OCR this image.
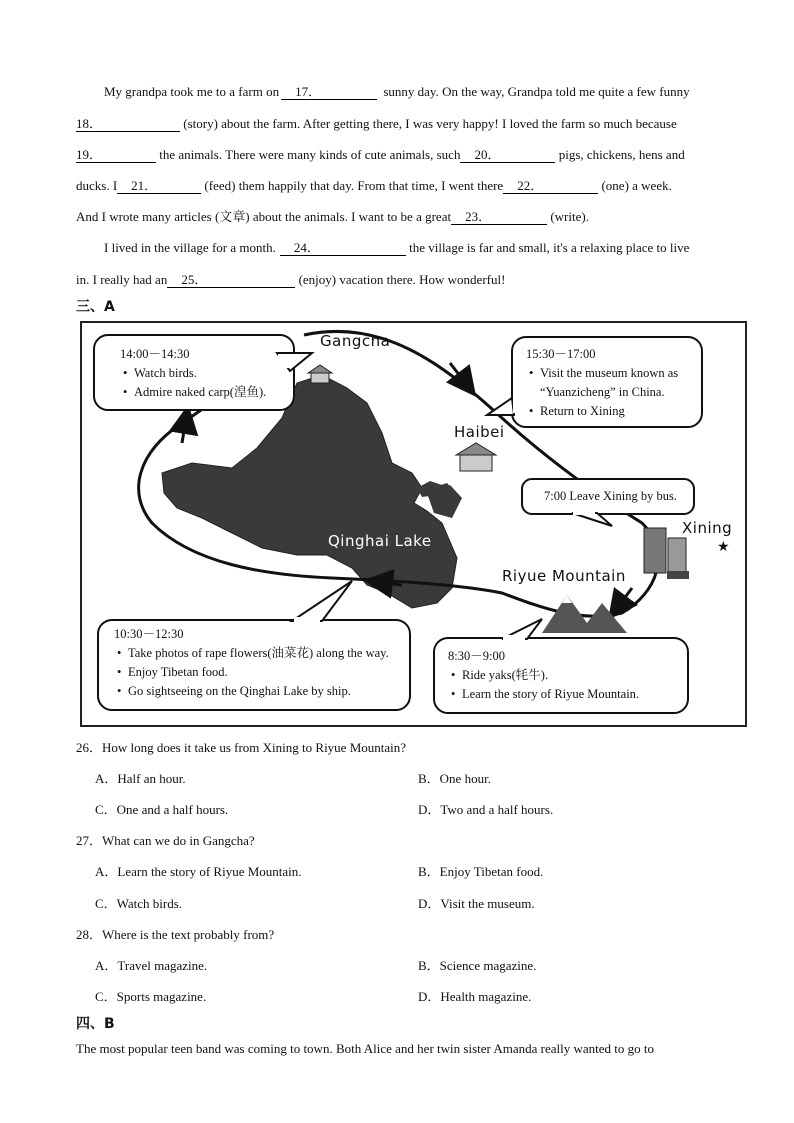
My grandpa took me to a farm on 17．	sunny day. On the way, Grandpa told me quite a few funny
18．	(story) about the farm. After getting there, I was very happy! I loved the farm so much because
19．	the animals. There were many kinds of cute animals, such 20．	pigs, chickens, hens and
ducks. I 21．	(feed) them happily that day. From that time, I went there 22．	(one) a week.
And I wrote many articles (文章) about the animals. I want to be a great 23．	(write).
I lived in the village for a month. 24．	the village is far and small, it's a relaxing place to live
in. I really had an 25．	(enjoy) vacation there. How wonderful!
三、A
★
Gangcha
Haibei
Xining
Qinghai Lake
Riyue Mountain
14:00－14:30
• Watch birds.
• Admire naked carp(湟鱼).
15:30－17:00
• Visit the museum known as
“Yuanzicheng” in China.
• Return to Xining
7:00 Leave Xining by bus.
10:30－12:30
• Take photos of rape flowers(油菜花) along the way.
• Enjoy Tibetan food.
• Go sightseeing on the Qinghai Lake by ship.
8:30－9:00
• Ride yaks(牦牛).
• Learn the story of Riyue Mountain.
26．How long does it take us from Xining to Riyue Mountain?
A．Half an hour.	B．One hour.
C．One and a half hours.	D．Two and a half hours.
27．What can we do in Gangcha?
A．Learn the story of Riyue Mountain.	B．Enjoy Tibetan food.
C．Watch birds.	D．Visit the museum.
28．Where is the text probably from?
A．Travel magazine.	B．Science magazine.
C．Sports magazine.	D．Health magazine.
四、B
The most popular teen band was coming to town. Both Alice and her twin sister Amanda really wanted to go to
